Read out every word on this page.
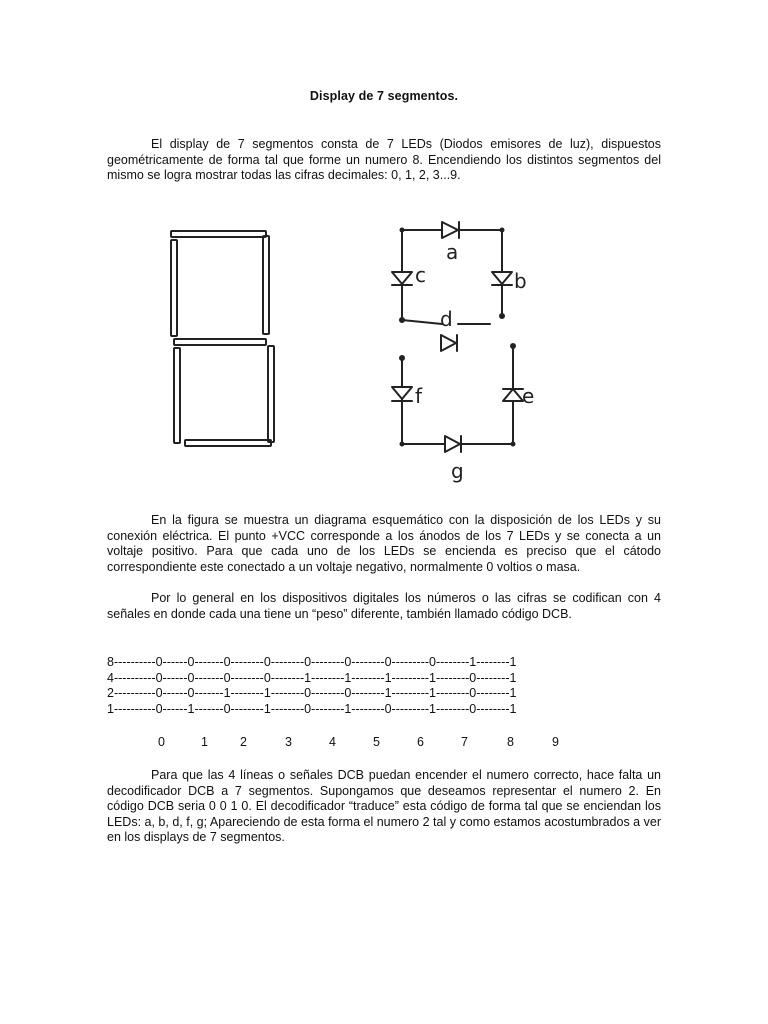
Display de 7 segmentos.

El display de 7 segmentos consta de 7 LEDs (Diodos emisores de luz), dispuestos geométricamente de forma tal que forme un numero 8. Encendiendo los distintos segmentos del mismo se logra mostrar todas las cifras decimales: 0, 1, 2, 3...9.

a
c	b
d
f	e
g

En la figura se muestra un diagrama esquemático con la disposición de los LEDs y su conexión eléctrica. El punto +VCC corresponde a los ánodos de los 7 LEDs y se conecta a un voltaje positivo. Para que cada uno de los LEDs se encienda es preciso que el cátodo correspondiente este conectado a un voltaje negativo, normalmente 0 voltios o masa.

Por lo general en los dispositivos digitales los números o las cifras se codifican con 4 señales en donde cada una tiene un “peso” diferente, también llamado código DCB.

8----------0------0-------0--------0--------0--------0--------0---------0--------1--------1
4----------0------0-------0--------0--------1--------1--------1---------1--------0--------1
2----------0------0-------1--------1--------0--------0--------1---------1--------0--------1
1----------0------1-------0--------1--------0--------1--------0---------1--------0--------1
0	1	2	3	4	5	6	7	8	9

Para que las 4 líneas o señales DCB puedan encender el numero correcto, hace falta un decodificador DCB a 7 segmentos. Supongamos que deseamos representar el numero 2. En código DCB seria 0 0 1 0. El decodificador “traduce” esta código de forma tal que se enciendan los LEDs: a, b, d, f, g; Apareciendo de esta forma el numero 2 tal y como estamos acostumbrados a ver en los displays de 7 segmentos.
